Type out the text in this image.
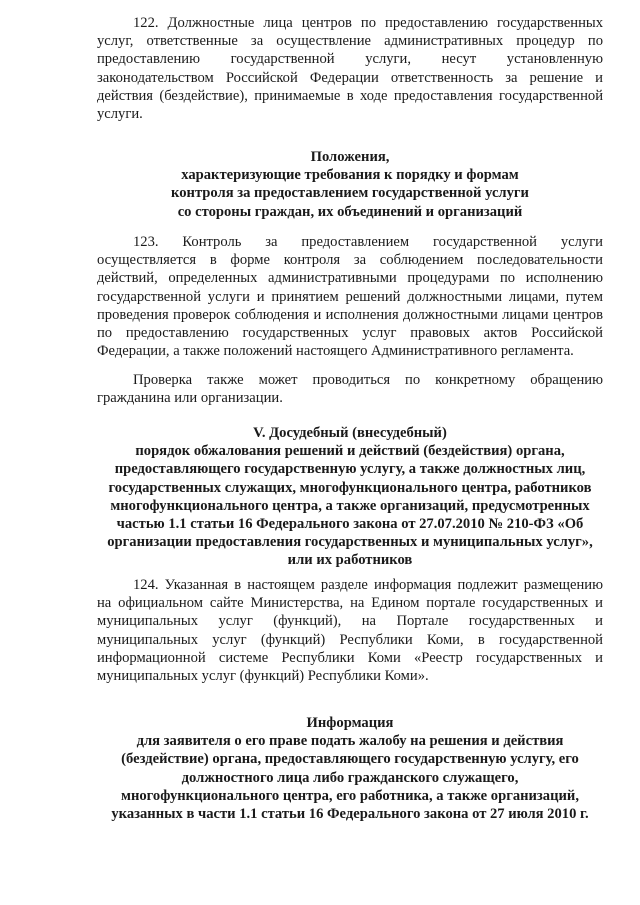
122. Должностные лица центров по предоставлению государственных услуг, ответственные за осуществление административных процедур по предоставлению государственной услуги, несут установленную законодательством Российской Федерации ответственность за решение и действия (бездействие), принимаемые в ходе предоставления государственной услуги.

Положения,
характеризующие требования к порядку и формам
контроля за предоставлением государственной услуги
со стороны граждан, их объединений и организаций

123. Контроль за предоставлением государственной услуги осуществляется в форме контроля за соблюдением последовательности действий, определенных административными процедурами по исполнению государственной услуги и принятием решений должностными лицами, путем проведения проверок соблюдения и исполнения должностными лицами центров по предоставлению государственных услуг правовых актов Российской Федерации, а также положений настоящего Административного регламента.

Проверка также может проводиться по конкретному обращению гражданина или организации.

V. Досудебный (внесудебный)
порядок обжалования решений и действий (бездействия) органа,
предоставляющего государственную услугу, а также должностных лиц,
государственных служащих, многофункционального центра, работников
многофункционального центра, а также организаций, предусмотренных
частью 1.1 статьи 16 Федерального закона от 27.07.2010 № 210-ФЗ «Об
организации предоставления государственных и муниципальных услуг»,
или их работников

124. Указанная в настоящем разделе информация подлежит размещению на официальном сайте Министерства, на Едином портале государственных и муниципальных услуг (функций), на Портале государственных и муниципальных услуг (функций) Республики Коми, в государственной информационной системе Республики Коми «Реестр государственных и муниципальных услуг (функций) Республики Коми».

Информация
для заявителя о его праве подать жалобу на решения и действия
(бездействие) органа, предоставляющего государственную услугу, его
должностного лица либо гражданского служащего,
многофункционального центра, его работника, а также организаций,
указанных в части 1.1 статьи 16 Федерального закона от 27 июля 2010 г.
